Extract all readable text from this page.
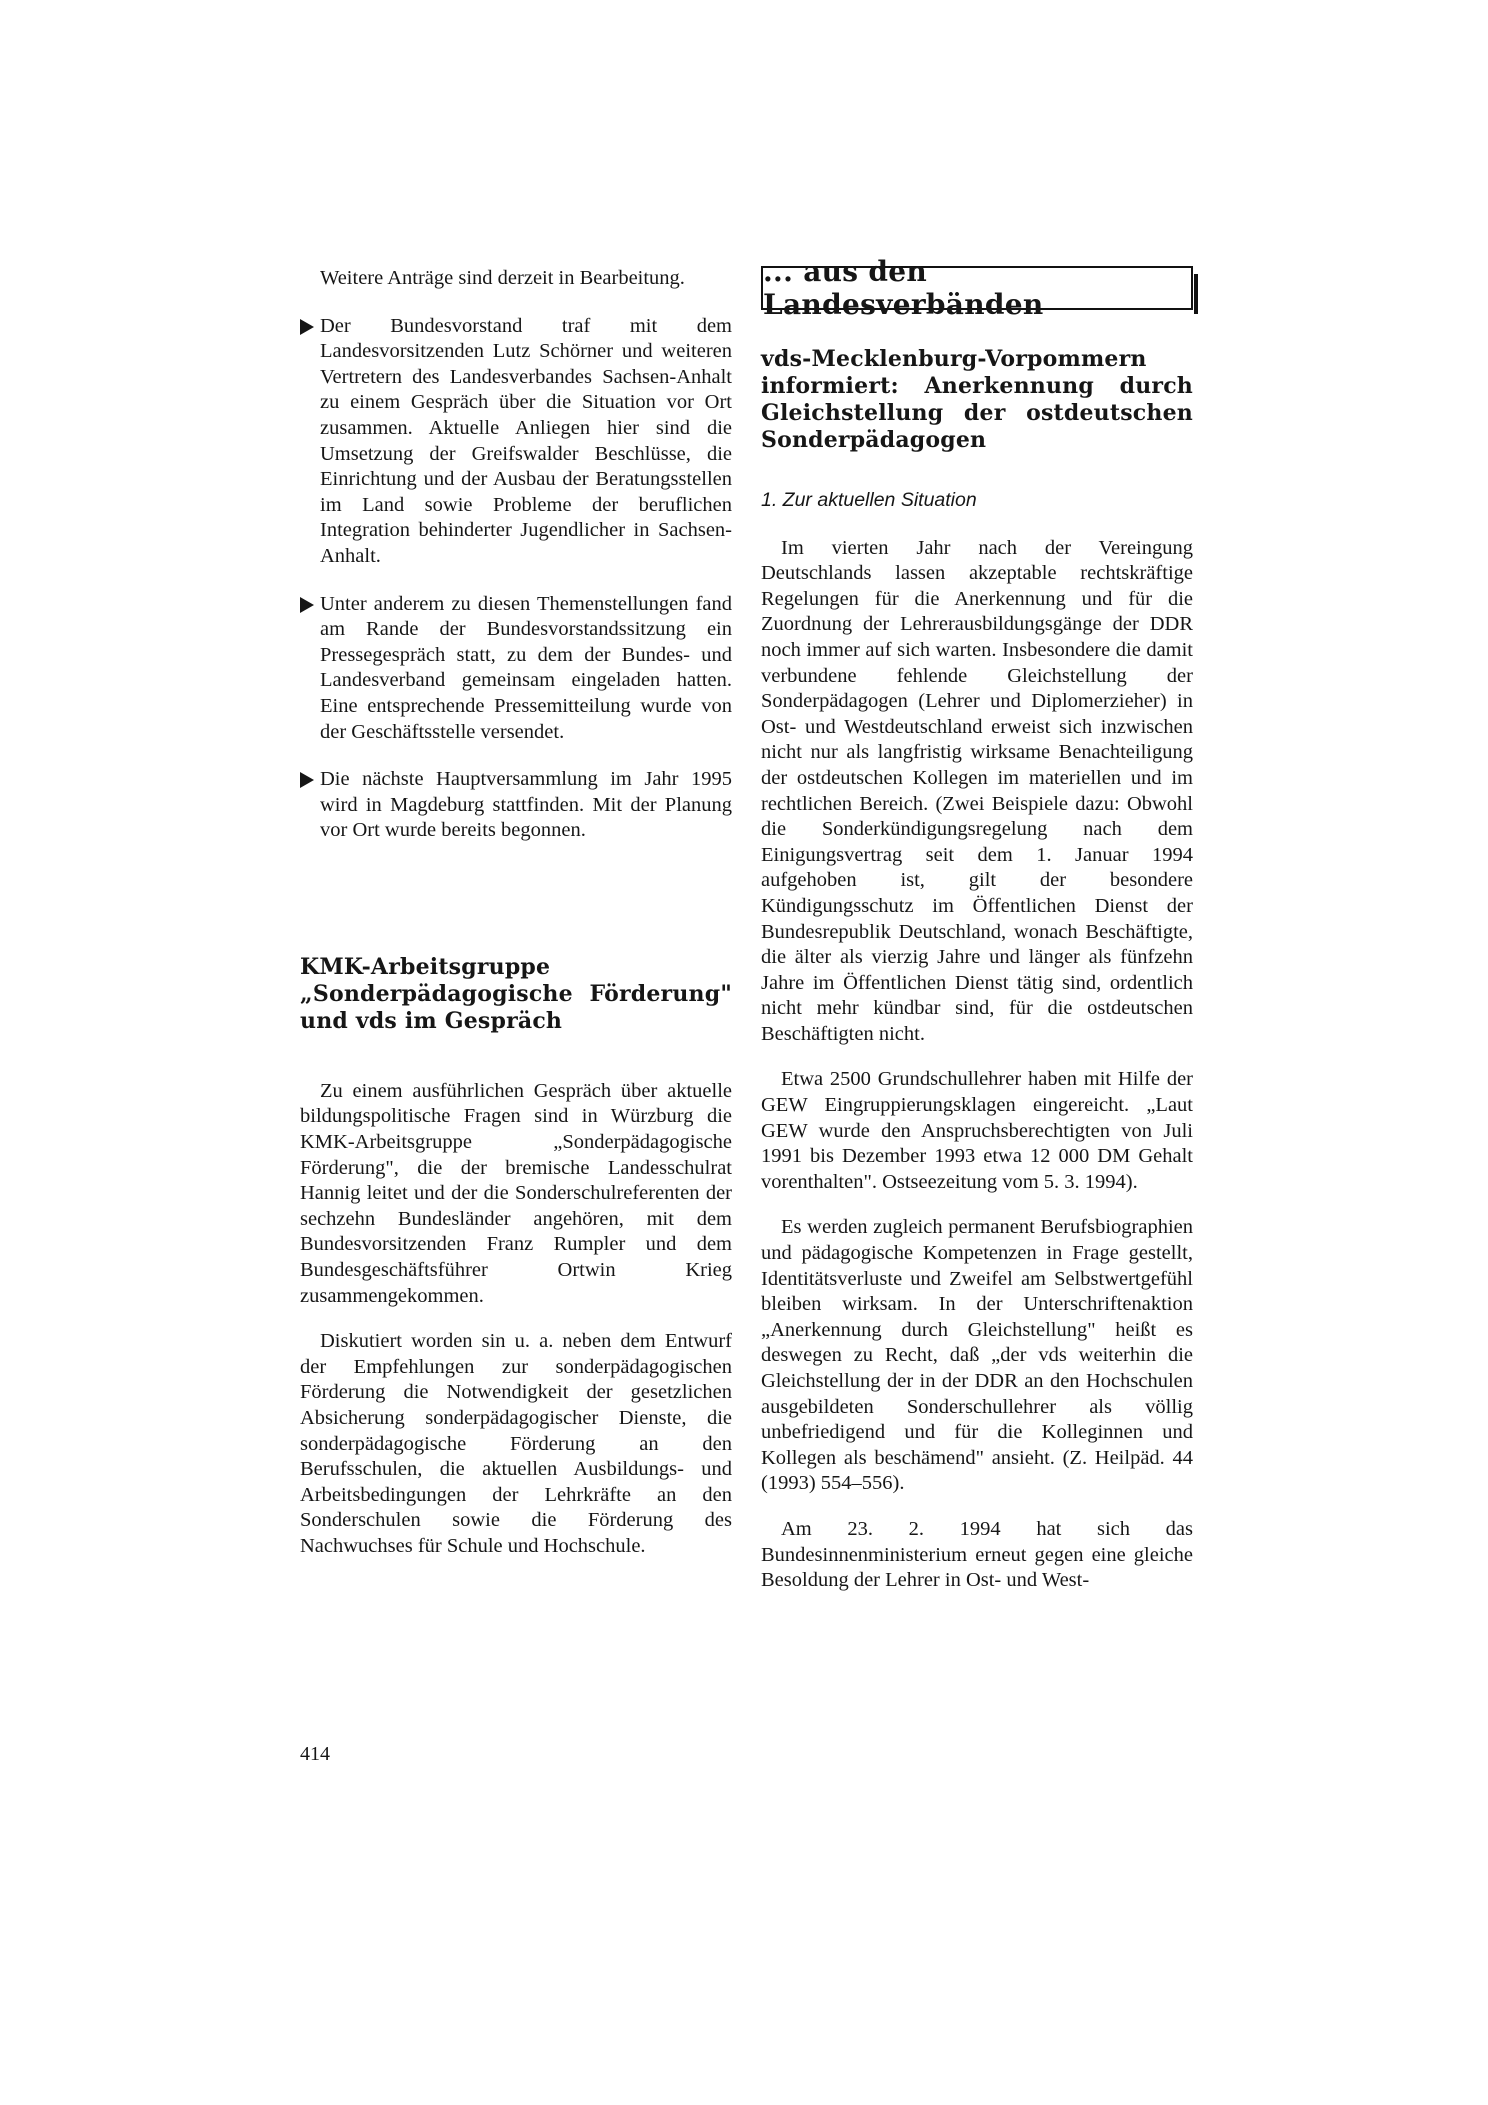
Weitere Anträge sind derzeit in Bearbeitung.

Der Bundesvorstand traf mit dem Landesvorsitzenden Lutz Schörner und weiteren Vertretern des Landesverbandes Sachsen-Anhalt zu einem Gespräch über die Situation vor Ort zusammen. Aktuelle Anliegen hier sind die Umsetzung der Greifswalder Beschlüsse, die Einrichtung und der Ausbau der Beratungsstellen im Land sowie Probleme der beruflichen Integration behinderter Jugendlicher in Sachsen-Anhalt.
Unter anderem zu diesen Themenstellungen fand am Rande der Bundesvorstandssitzung ein Pressegespräch statt, zu dem der Bundes- und Landesverband gemeinsam eingeladen hatten. Eine entsprechende Pressemitteilung wurde von der Geschäftsstelle versendet.
Die nächste Hauptversammlung im Jahr 1995 wird in Magdeburg stattfinden. Mit der Planung vor Ort wurde bereits begonnen.
KMK-Arbeitsgruppe „Sonderpädagogische Förderung" und vds im Gespräch

Zu einem ausführlichen Gespräch über aktuelle bildungspolitische Fragen sind in Würzburg die KMK-Arbeitsgruppe „Sonderpädagogische Förderung", die der bremische Landesschulrat Hannig leitet und der die Sonderschulreferenten der sechzehn Bundesländer angehören, mit dem Bundesvorsitzenden Franz Rumpler und dem Bundesgeschäftsführer Ortwin Krieg zusammengekommen.

Diskutiert worden sin u. a. neben dem Entwurf der Empfehlungen zur sonderpädagogischen Förderung die Notwendigkeit der gesetzlichen Absicherung sonderpädagogischer Dienste, die sonderpädagogische Förderung an den Berufsschulen, die aktuellen Ausbildungs- und Arbeitsbedingungen der Lehrkräfte an den Sonderschulen sowie die Förderung des Nachwuchses für Schule und Hochschule.

... aus den Landesverbänden
vds-Mecklenburg-Vorpommern informiert: Anerkennung durch Gleichstellung der ostdeutschen Sonderpädagogen

1. Zur aktuellen Situation

Im vierten Jahr nach der Vereingung Deutschlands lassen akzeptable rechtskräftige Regelungen für die Anerkennung und für die Zuordnung der Lehrerausbildungsgänge der DDR noch immer auf sich warten. Insbesondere die damit verbundene fehlende Gleichstellung der Sonderpädagogen (Lehrer und Diplomerzieher) in Ost- und Westdeutschland erweist sich inzwischen nicht nur als langfristig wirksame Benachteiligung der ostdeutschen Kollegen im materiellen und im rechtlichen Bereich. (Zwei Beispiele dazu: Obwohl die Sonderkündigungsregelung nach dem Einigungsvertrag seit dem 1. Januar 1994 aufgehoben ist, gilt der besondere Kündigungsschutz im Öffentlichen Dienst der Bundesrepublik Deutschland, wonach Beschäftigte, die älter als vierzig Jahre und länger als fünfzehn Jahre im Öffentlichen Dienst tätig sind, ordentlich nicht mehr kündbar sind, für die ostdeutschen Beschäftigten nicht.

Etwa 2500 Grundschullehrer haben mit Hilfe der GEW Eingruppierungsklagen eingereicht. „Laut GEW wurde den Anspruchsberechtigten von Juli 1991 bis Dezember 1993 etwa 12 000 DM Gehalt vorenthalten". Ostseezeitung vom 5. 3. 1994).

Es werden zugleich permanent Berufsbiographien und pädagogische Kompetenzen in Frage gestellt, Identitätsverluste und Zweifel am Selbstwertgefühl bleiben wirksam. In der Unterschriftenaktion „Anerkennung durch Gleichstellung" heißt es deswegen zu Recht, daß „der vds weiterhin die Gleichstellung der in der DDR an den Hochschulen ausgebildeten Sonderschullehrer als völlig unbefriedigend und für die Kolleginnen und Kollegen als beschämend" ansieht. (Z. Heilpäd. 44 (1993) 554–556).

Am 23. 2. 1994 hat sich das Bundesinnenministerium erneut gegen eine gleiche Besoldung der Lehrer in Ost- und West-

414
